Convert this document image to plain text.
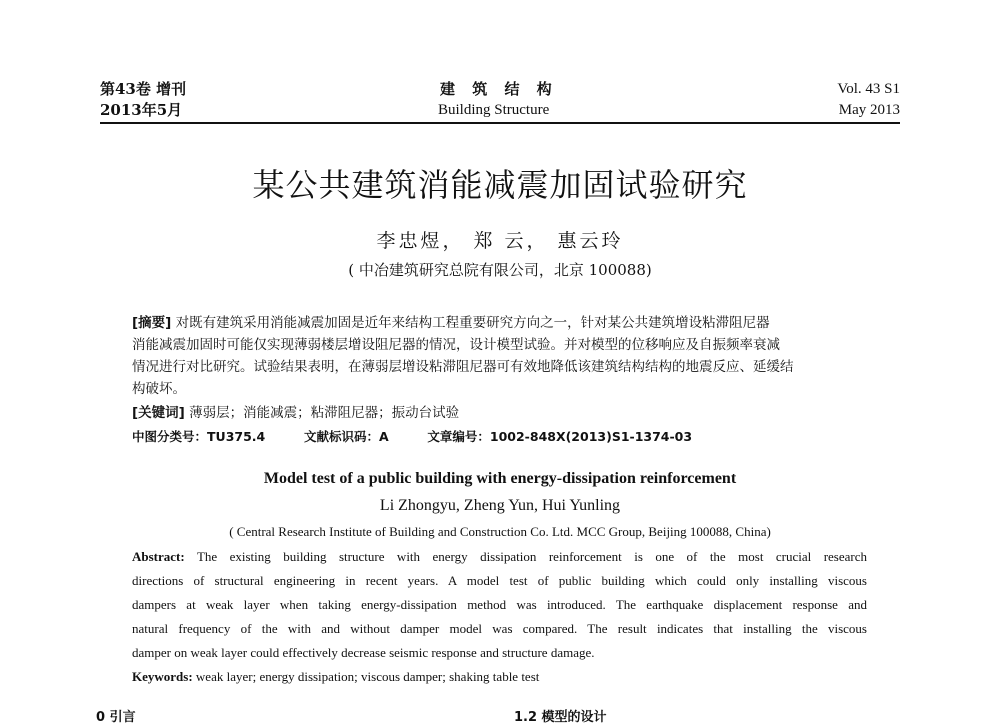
第43卷 增刊
2013年5月
建 筑 结 构
Building Structure
Vol. 43 S1
May 2013
某公共建筑消能减震加固试验研究
李忠煜， 郑 云， 惠云玲
( 中冶建筑研究总院有限公司，北京 100088)
[摘要] 对既有建筑采用消能减震加固是近年来结构工程重要研究方向之一，针对某公共建筑增设粘滞阻尼器
消能减震加固时可能仅实现薄弱楼层增设阻尼器的情况，设计模型试验。并对模型的位移响应及自振频率衰减
情况进行对比研究。试验结果表明，在薄弱层增设粘滞阻尼器可有效地降低该建筑结构结构的地震反应、延缓结
构破坏。
[关键词] 薄弱层；消能减震；粘滞阻尼器；振动台试验
中图分类号：TU375.4	文献标识码：A	文章编号：1002-848X(2013)S1-1374-03
Model test of a public building with energy-dissipation reinforcement
Li Zhongyu, Zheng Yun, Hui Yunling
( Central Research Institute of Building and Construction Co. Ltd. MCC Group, Beijing 100088, China)
Abstract: The existing building structure with energy dissipation reinforcement is one of the most crucial research
directions of structural engineering in recent years. A model test of public building which could only installing viscous
dampers at weak layer when taking energy-dissipation method was introduced. The earthquake displacement response and
natural frequency of the with and without damper model was compared. The result indicates that installing the viscous
damper on weak layer could effectively decrease seismic response and structure damage.
Keywords: weak layer; energy dissipation; viscous damper; shaking table test
0 引言	1.2 模型的设计
